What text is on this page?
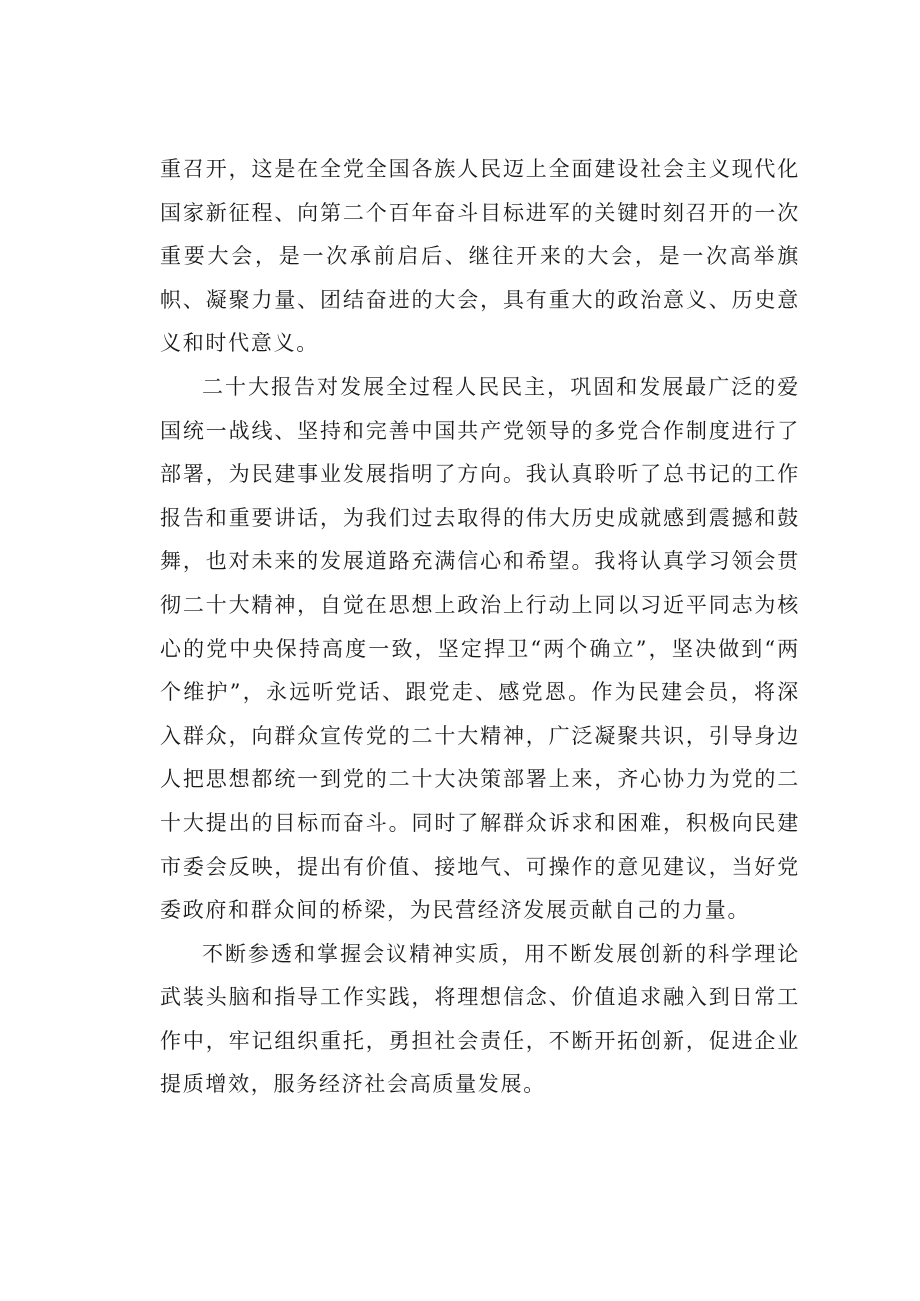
重召开，这是在全党全国各族人民迈上全面建设社会主义现代化国家新征程、向第二个百年奋斗目标进军的关键时刻召开的一次重要大会，是一次承前启后、继往开来的大会，是一次高举旗帜、凝聚力量、团结奋进的大会，具有重大的政治意义、历史意义和时代意义。

二十大报告对发展全过程人民民主，巩固和发展最广泛的爱国统一战线、坚持和完善中国共产党领导的多党合作制度进行了部署，为民建事业发展指明了方向。我认真聆听了总书记的工作报告和重要讲话，为我们过去取得的伟大历史成就感到震撼和鼓舞，也对未来的发展道路充满信心和希望。我将认真学习领会贯彻二十大精神，自觉在思想上政治上行动上同以习近平同志为核心的党中央保持高度一致，坚定捍卫“两个确立”，坚决做到“两个维护”，永远听党话、跟党走、感党恩。作为民建会员，将深入群众，向群众宣传党的二十大精神，广泛凝聚共识，引导身边人把思想都统一到党的二十大决策部署上来，齐心协力为党的二十大提出的目标而奋斗。同时了解群众诉求和困难，积极向民建市委会反映，提出有价值、接地气、可操作的意见建议，当好党委政府和群众间的桥梁，为民营经济发展贡献自己的力量。

不断参透和掌握会议精神实质，用不断发展创新的科学理论武装头脑和指导工作实践，将理想信念、价值追求融入到日常工作中，牢记组织重托，勇担社会责任，不断开拓创新，促进企业提质增效，服务经济社会高质量发展。
